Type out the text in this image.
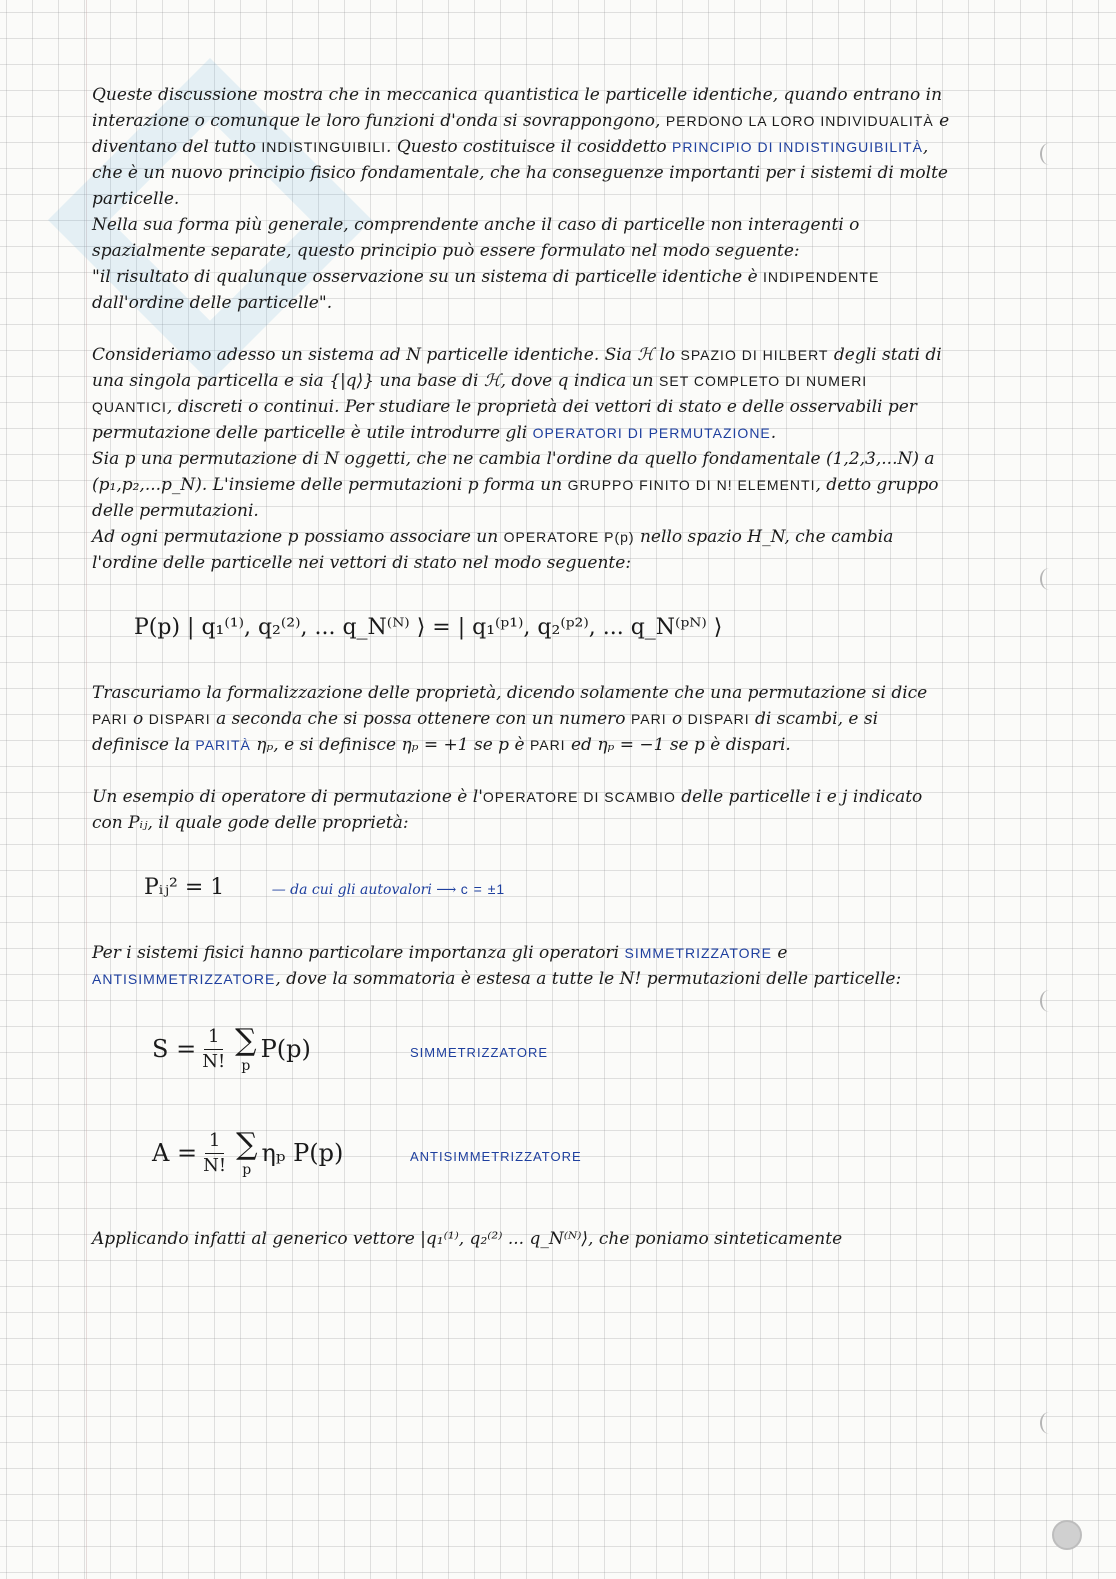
Queste discussione mostra che in meccanica quantistica le particelle identiche, quando entrano in interazione o comunque le loro funzioni d'onda si sovrappongono, PERDONO LA LORO INDIVIDUALITÀ e diventano del tutto INDISTINGUIBILI. Questo costituisce il cosiddetto PRINCIPIO DI INDISTINGUIBILITÀ, che è un nuovo principio fisico fondamentale, che ha conseguenze importanti per i sistemi di molte particelle.

Nella sua forma più generale, comprendente anche il caso di particelle non interagenti o spazialmente separate, questo principio può essere formulato nel modo seguente:
"il risultato di qualunque osservazione su un sistema di particelle identiche è INDIPENDENTE dall'ordine delle particelle".

Consideriamo adesso un sistema ad N particelle identiche. Sia ℋ lo SPAZIO DI HILBERT degli stati di una singola particella e sia {|q⟩} una base di ℋ, dove q indica un SET COMPLETO DI NUMERI QUANTICI, discreti o continui. Per studiare le proprietà dei vettori di stato e delle osservabili per permutazione delle particelle è utile introdurre gli OPERATORI DI PERMUTAZIONE.

Sia p una permutazione di N oggetti, che ne cambia l'ordine da quello fondamentale (1,2,3,...N) a (p₁,p₂,...p_N). L'insieme delle permutazioni p forma un GRUPPO FINITO DI N! ELEMENTI, detto gruppo delle permutazioni.

Ad ogni permutazione p possiamo associare un OPERATORE P(p) nello spazio H_N, che cambia l'ordine delle particelle nei vettori di stato nel modo seguente:

P(p) | q₁⁽¹⁾, q₂⁽²⁾, ... q_N⁽ᴺ⁾ ⟩ = | q₁⁽ᵖ¹⁾, q₂⁽ᵖ²⁾, ... q_N⁽ᵖᴺ⁾ ⟩

Trascuriamo la formalizzazione delle proprietà, dicendo solamente che una permutazione si dice PARI o DISPARI a seconda che si possa ottenere con un numero PARI o DISPARI di scambi, e si definisce la PARITÀ ηₚ, e si definisce ηₚ = +1 se p è PARI ed ηₚ = −1 se p è dispari.

Un esempio di operatore di permutazione è l'OPERATORE DI SCAMBIO delle particelle i e j indicato con Pᵢⱼ, il quale gode delle proprietà:

Pᵢⱼ² = 1	— da cui gli autovalori ⟶ c = ±1

Per i sistemi fisici hanno particolare importanza gli operatori SIMMETRIZZATORE e ANTISIMMETRIZZATORE, dove la sommatoria è estesa a tutte le N! permutazioni delle particelle:

$S = \frac{1}{N!}$ ∑
p
P(p)	SIMMETRIZZATORE
$A = \frac{1}{N!}$ ∑
p
ηₚ P(p)	ANTISIMMETRIZZATORE

Applicando infatti al generico vettore |q₁⁽¹⁾, q₂⁽²⁾ ... q_N⁽ᴺ⁾⟩, che poniamo sinteticamente
